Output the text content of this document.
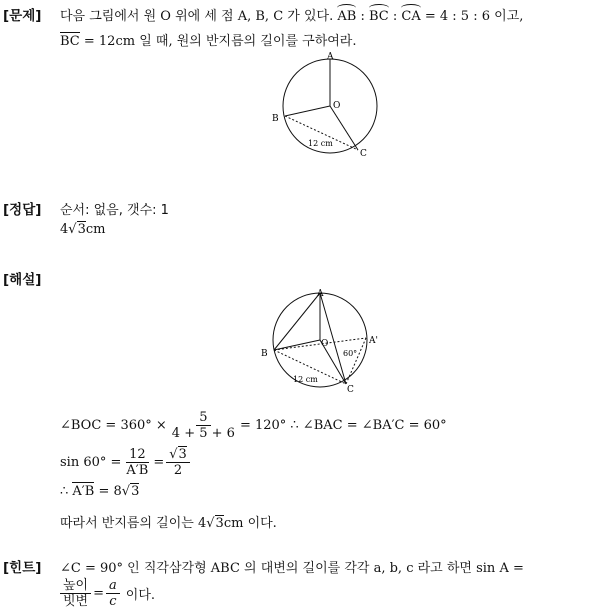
[문제] 다음 그림에서 원 O 위에 세 점 A, B, C 가 있다. AB : BC : CA = 4 : 5 : 6 이고,
BC = 12cm 일 때, 원의 반지름의 길이를 구하여라.
A
O
B
C
12 cm
[정답] 순서: 없음, 갯수: 1
4√3cm
[해설]
A
O
B
C
A'
60°
12 cm
∠BOC = $360^\circ \times \frac{5}{4 + 5 + 6} = 120^\circ$ ∴ ∠BAC = ∠BA′C = 60°
$\sin 60^\circ = \frac{12}{A'B} = \frac{√3}{2}$
∴ A′B = 8√3
따라서 반지름의 길이는 4√3cm 이다.
[힌트] ∠C = 90° 인 직각삼각형 ABC 의 대변의 길이를 각각 a, b, c 라고 하면 sin A =
$\frac{\text{높이}}{\text{빗변}} = \frac{a}{c}$ 이다.
